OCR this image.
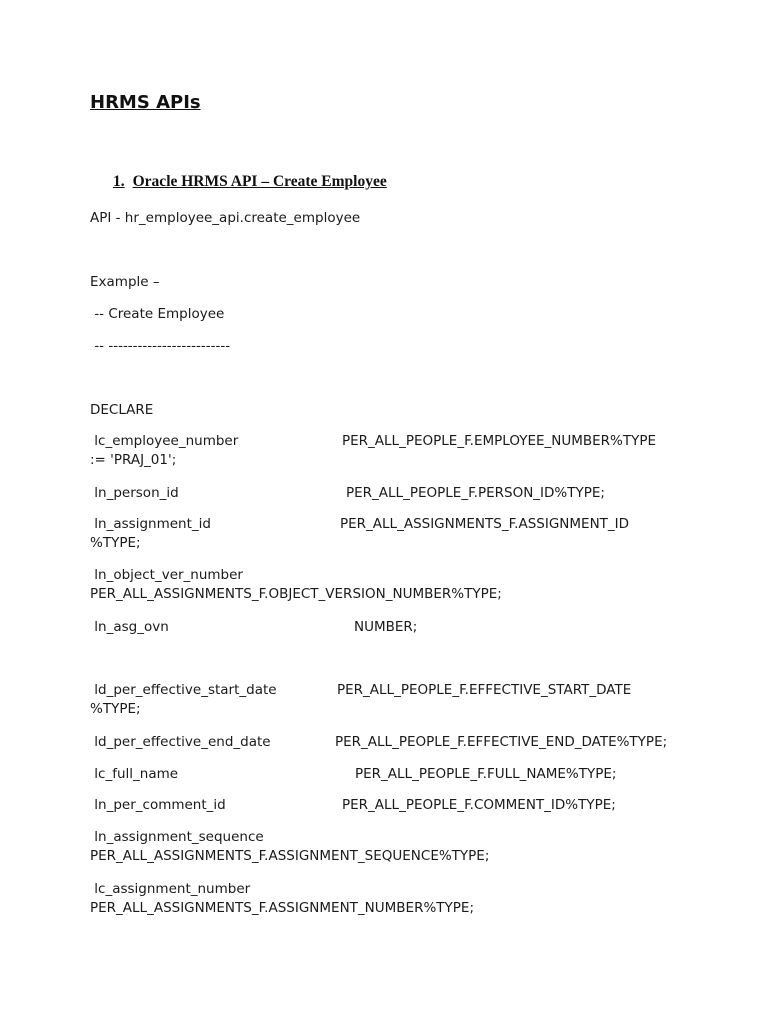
HRMS APIs
1. Oracle HRMS API – Create Employee
API - hr_employee_api.create_employee
Example –
-- Create Employee
-- -------------------------
DECLARE

lc_employee_number

	PER_ALL_PEOPLE_F.EMPLOYEE_NUMBER%TYPE

:= 'PRAJ_01';

ln_person_id

	PER_ALL_PEOPLE_F.PERSON_ID%TYPE;

ln_assignment_id

	PER_ALL_ASSIGNMENTS_F.ASSIGNMENT_ID

%TYPE;

ln_object_ver_number

PER_ALL_ASSIGNMENTS_F.OBJECT_VERSION_NUMBER%TYPE;

ln_asg_ovn

	NUMBER;

ld_per_effective_start_date

	PER_ALL_PEOPLE_F.EFFECTIVE_START_DATE

%TYPE;

ld_per_effective_end_date

	PER_ALL_PEOPLE_F.EFFECTIVE_END_DATE%TYPE;

lc_full_name

	PER_ALL_PEOPLE_F.FULL_NAME%TYPE;

ln_per_comment_id

	PER_ALL_PEOPLE_F.COMMENT_ID%TYPE;

ln_assignment_sequence

PER_ALL_ASSIGNMENTS_F.ASSIGNMENT_SEQUENCE%TYPE;

lc_assignment_number

PER_ALL_ASSIGNMENTS_F.ASSIGNMENT_NUMBER%TYPE;
